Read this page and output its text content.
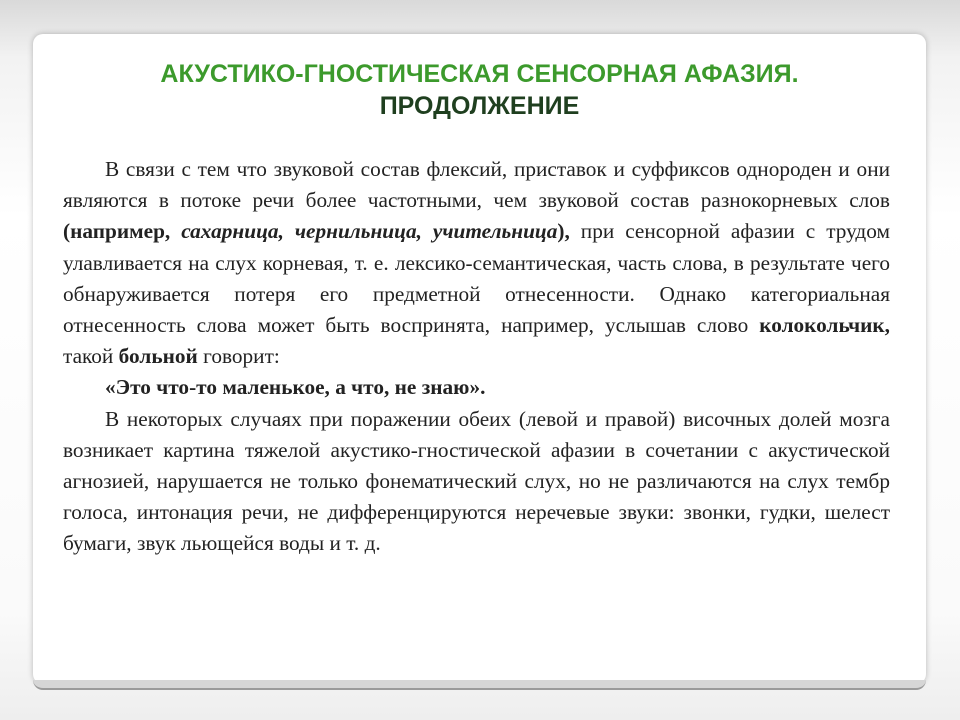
АКУСТИКО-ГНОСТИЧЕСКАЯ СЕНСОРНАЯ АФАЗИЯ.
ПРОДОЛЖЕНИЕ

В связи с тем что звуковой состав флексий, приставок и суффиксов однороден и они являются в потоке речи более частотными, чем звуковой состав разнокорневых слов (например, сахарница, чернильница, учительница), при сенсорной афазии с трудом улавливается на слух корневая, т. е. лексико-семантическая, часть слова, в результате чего обнаруживается потеря его предметной отнесенности. Однако категориальная отнесенность слова может быть воспринята, например, услышав слово колокольчик, такой больной говорит:

«Это что-то маленькое, а что, не знаю».

В некоторых случаях при поражении обеих (левой и правой) височных долей мозга возникает картина тяжелой акустико-гностической афазии в сочетании с акустической агнозией, нарушается не только фонематический слух, но не различаются на слух тембр голоса, интонация речи, не дифференцируются неречевые звуки: звонки, гудки, шелест бумаги, звук льющейся воды и т. д.
